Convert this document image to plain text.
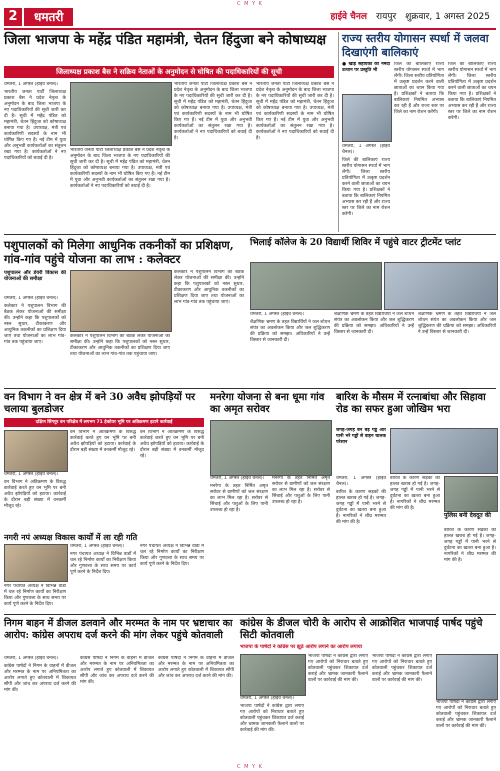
C M Y K
2	धमतरी	हाईवे चैनल रायपुर शुक्रवार, 1 अगस्त 2025
जिला भाजपा के महेंद्र पंडित महामंत्री, चेतन हिंदुजा बने कोषाध्यक्ष
जिलाध्यक्ष प्रकाश बैस ने सक्रिय नेताओं के अनुमोदन से घोषित की पदाधिकारियों की सूची

धमतरी, 1 अगस्त (हाईवे चैनल)।

भारतीय जनता पार्टी जिलाध्यक्ष प्रकाश बैस ने प्रदेश नेतृत्व के अनुमोदन के बाद जिला भाजपा के नए पदाधिकारियों की सूची जारी कर दी है। सूची में महेंद्र पंडित को महामंत्री, चेतन हिंदुजा को कोषाध्यक्ष बनाया गया है। उपाध्यक्ष, मंत्री एवं कार्यकारिणी सदस्यों के नाम भी घोषित किए गए हैं। नई टीम में युवा और अनुभवी कार्यकर्ताओं का संतुलन रखा गया है। कार्यकर्ताओं ने नए पदाधिकारियों को बधाई दी है।

भारतीय जनता पार्टी जिलाध्यक्ष प्रकाश बैस ने प्रदेश नेतृत्व के अनुमोदन के बाद जिला भाजपा के नए पदाधिकारियों की सूची जारी कर दी है। सूची में महेंद्र पंडित को महामंत्री, चेतन हिंदुजा को कोषाध्यक्ष बनाया गया है। उपाध्यक्ष, मंत्री एवं कार्यकारिणी सदस्यों के नाम भी घोषित किए गए हैं। नई टीम में युवा और अनुभवी कार्यकर्ताओं का संतुलन रखा गया है। कार्यकर्ताओं ने नए पदाधिकारियों को बधाई दी है।

भारतीय जनता पार्टी जिलाध्यक्ष प्रकाश बैस ने प्रदेश नेतृत्व के अनुमोदन के बाद जिला भाजपा के नए पदाधिकारियों की सूची जारी कर दी है। सूची में महेंद्र पंडित को महामंत्री, चेतन हिंदुजा को कोषाध्यक्ष बनाया गया है। उपाध्यक्ष, मंत्री एवं कार्यकारिणी सदस्यों के नाम भी घोषित किए गए हैं। नई टीम में युवा और अनुभवी कार्यकर्ताओं का संतुलन रखा गया है। कार्यकर्ताओं ने नए पदाधिकारियों को बधाई दी है।

भारतीय जनता पार्टी जिलाध्यक्ष प्रकाश बैस ने प्रदेश नेतृत्व के अनुमोदन के बाद जिला भाजपा के नए पदाधिकारियों की सूची जारी कर दी है। सूची में महेंद्र पंडित को महामंत्री, चेतन हिंदुजा को कोषाध्यक्ष बनाया गया है। उपाध्यक्ष, मंत्री एवं कार्यकारिणी सदस्यों के नाम भी घोषित किए गए हैं। नई टीम में युवा और अनुभवी कार्यकर्ताओं का संतुलन रखा गया है। कार्यकर्ताओं ने नए पदाधिकारियों को बधाई दी है।

राज्य स्तरीय योगासन स्पर्धा में जलवा दिखाएंगी बालिकाएं
● खाड़ सहायकों को नर्मदा उत्थान पर प्रस्तुति भी

धमतरी, 1 अगस्त (हाईवे चैनल)।

जिले की बालिकाएं राज्य स्तरीय योगासन स्पर्धा में भाग लेंगी। जिला स्तरीय प्रतियोगिता में उत्कृष्ट प्रदर्शन करने वाली छात्राओं का चयन किया गया है। प्रशिक्षकों ने बताया कि बालिकाएं नियमित अभ्यास कर रही हैं और राज्य स्तर पर जिले का नाम रोशन करेंगी।

जिले की बालिकाएं राज्य स्तरीय योगासन स्पर्धा में भाग लेंगी। जिला स्तरीय प्रतियोगिता में उत्कृष्ट प्रदर्शन करने वाली छात्राओं का चयन किया गया है। प्रशिक्षकों ने बताया कि बालिकाएं नियमित अभ्यास कर रही हैं और राज्य स्तर पर जिले का नाम रोशन करेंगी।

जिले की बालिकाएं राज्य स्तरीय योगासन स्पर्धा में भाग लेंगी। जिला स्तरीय प्रतियोगिता में उत्कृष्ट प्रदर्शन करने वाली छात्राओं का चयन किया गया है। प्रशिक्षकों ने बताया कि बालिकाएं नियमित अभ्यास कर रही हैं और राज्य स्तर पर जिले का नाम रोशन करेंगी।

पशुपालकों को मिलेगा आधुनिक तकनीकों का प्रशिक्षण, गांव-गांव पहुंचे योजना का लाभ : कलेक्टर
पशुपालन और डेयरी विकास की योजनाओं की समीक्षा

धमतरी, 1 अगस्त (हाईवे चैनल)।

कलेक्टर ने पशुपालन विभाग की बैठक लेकर योजनाओं की समीक्षा की। उन्होंने कहा कि पशुपालकों को नस्ल सुधार, टीकाकरण और आधुनिक तकनीकों का प्रशिक्षण दिया जाए तथा योजनाओं का लाभ गांव-गांव तक पहुंचाया जाए।

कलेक्टर ने पशुपालन विभाग की बैठक लेकर योजनाओं की समीक्षा की। उन्होंने कहा कि पशुपालकों को नस्ल सुधार, टीकाकरण और आधुनिक तकनीकों का प्रशिक्षण दिया जाए तथा योजनाओं का लाभ गांव-गांव तक पहुंचाया जाए।

कलेक्टर ने पशुपालन विभाग की बैठक लेकर योजनाओं की समीक्षा की। उन्होंने कहा कि पशुपालकों को नस्ल सुधार, टीकाकरण और आधुनिक तकनीकों का प्रशिक्षण दिया जाए तथा योजनाओं का लाभ गांव-गांव तक पहुंचाया जाए।

भिलाई कॉलेज के 20 विद्यार्थी शिविर में पहुंचे वाटर ट्रीटमेंट प्लांट

धमतरी, 1 अगस्त (हाईवे चैनल)।

शैक्षणिक भ्रमण के तहत विद्यार्थियों ने जल शोधन संयंत्र का अवलोकन किया और जल शुद्धिकरण की प्रक्रिया को समझा। अधिकारियों ने उन्हें विस्तार से जानकारी दी।

शैक्षणिक भ्रमण के तहत विद्यार्थियों ने जल शोधन संयंत्र का अवलोकन किया और जल शुद्धिकरण की प्रक्रिया को समझा। अधिकारियों ने उन्हें विस्तार से जानकारी दी।

शैक्षणिक भ्रमण के तहत विद्यार्थियों ने जल शोधन संयंत्र का अवलोकन किया और जल शुद्धिकरण की प्रक्रिया को समझा। अधिकारियों ने उन्हें विस्तार से जानकारी दी।

वन विभाग ने वन क्षेत्र में बने 30 अवैध झोपड़ियों पर चलाया बुलडोजर
दक्षिण सिंगपुर वन परिक्षेत्र में लगभग 71 हेक्टेयर भूमि पर अतिक्रमण हटाने कार्रवाई

धमतरी, 1 अगस्त (हाईवे चैनल)।

वन विभाग ने अतिक्रमण के विरुद्ध कार्रवाई करते हुए वन भूमि पर बनी अवैध झोपड़ियों को हटाया। कार्रवाई के दौरान बड़ी संख्या में वनकर्मी मौजूद रहे।

वन विभाग ने अतिक्रमण के विरुद्ध कार्रवाई करते हुए वन भूमि पर बनी अवैध झोपड़ियों को हटाया। कार्रवाई के दौरान बड़ी संख्या में वनकर्मी मौजूद रहे।

वन विभाग ने अतिक्रमण के विरुद्ध कार्रवाई करते हुए वन भूमि पर बनी अवैध झोपड़ियों को हटाया। कार्रवाई के दौरान बड़ी संख्या में वनकर्मी मौजूद रहे।

मनरेगा योजना से बना धूमा गांव का अमृत सरोवर

धमतरी, 1 अगस्त (हाईवे चैनल)।

मनरेगा के तहत निर्मित अमृत सरोवर से ग्रामीणों को जल संरक्षण का लाभ मिल रहा है। सरोवर से सिंचाई और पशुओं के लिए पानी उपलब्ध हो रहा है।

मनरेगा के तहत निर्मित अमृत सरोवर से ग्रामीणों को जल संरक्षण का लाभ मिल रहा है। सरोवर से सिंचाई और पशुओं के लिए पानी उपलब्ध हो रहा है।

बारिश के मौसम में रत्नाबांधा और सिहावा रोड का सफर हुआ जोखिम भरा
जगह-जगह बने बड़े गड्ढे और पानी भरे गड्ढों से वाहन चालक परेशान

धमतरी, 1 अगस्त (हाईवे चैनल)।

बारिश के कारण सड़कों की हालत खराब हो गई है। जगह-जगह गड्ढों में पानी भरने से दुर्घटना का खतरा बना हुआ है। नागरिकों ने शीघ्र मरम्मत की मांग की है।

बारिश के कारण सड़कों की हालत खराब हो गई है। जगह-जगह गड्ढों में पानी भरने से दुर्घटना का खतरा बना हुआ है। नागरिकों ने शीघ्र मरम्मत की मांग की है।

पुलिस बनी देवदूत की

बारिश के कारण सड़कों की हालत खराब हो गई है। जगह-जगह गड्ढों में पानी भरने से दुर्घटना का खतरा बना हुआ है। नागरिकों ने शीघ्र मरम्मत की मांग की है।

नगरी नपं अध्यक्ष विकास कार्यों में ला रही गति

धमतरी, 1 अगस्त (हाईवे चैनल)।

नगर पंचायत अध्यक्ष ने विभिन्न वार्डों में चल रहे निर्माण कार्यों का निरीक्षण किया और गुणवत्ता के साथ समय पर कार्य पूर्ण करने के निर्देश दिए।

नगर पंचायत अध्यक्ष ने विभिन्न वार्डों में चल रहे निर्माण कार्यों का निरीक्षण किया और गुणवत्ता के साथ समय पर कार्य पूर्ण करने के निर्देश दिए।

नगर पंचायत अध्यक्ष ने विभिन्न वार्डों में चल रहे निर्माण कार्यों का निरीक्षण किया और गुणवत्ता के साथ समय पर कार्य पूर्ण करने के निर्देश दिए।

निगम बाहन में डीजल डलवाने और मरम्मत के नाम पर भ्रष्टाचार का आरोप: कांग्रेस अपराध दर्ज करने की मांग लेकर पहुंचे कोतवाली

धमतरी, 1 अगस्त (हाईवे चैनल)।

कांग्रेस पार्षदों ने निगम के वाहनों में डीजल और मरम्मत के नाम पर अनियमितता का आरोप लगाते हुए कोतवाली में शिकायत सौंपी और जांच कर अपराध दर्ज करने की मांग की।

कांग्रेस पार्षदों ने निगम के वाहनों में डीजल और मरम्मत के नाम पर अनियमितता का आरोप लगाते हुए कोतवाली में शिकायत सौंपी और जांच कर अपराध दर्ज करने की मांग की।

कांग्रेस पार्षदों ने निगम के वाहनों में डीजल और मरम्मत के नाम पर अनियमितता का आरोप लगाते हुए कोतवाली में शिकायत सौंपी और जांच कर अपराध दर्ज करने की मांग की।

कांग्रेस के डीजल चोरी के आरोप से आक्रोशित भाजपाई पार्षद पहुंचे सिटी कोतवाली
भाजपा के पार्षदों ने कांग्रेस पर झूठे आरोप लगाने का आरोप लगाया

धमतरी, 1 अगस्त (हाईवे चैनल)।

भाजपा पार्षदों ने कांग्रेस द्वारा लगाए गए आरोपों को निराधार बताते हुए कोतवाली पहुंचकर शिकायत दर्ज कराई और भ्रामक जानकारी फैलाने वालों पर कार्रवाई की मांग की।

भाजपा पार्षदों ने कांग्रेस द्वारा लगाए गए आरोपों को निराधार बताते हुए कोतवाली पहुंचकर शिकायत दर्ज कराई और भ्रामक जानकारी फैलाने वालों पर कार्रवाई की मांग की।

भाजपा पार्षदों ने कांग्रेस द्वारा लगाए गए आरोपों को निराधार बताते हुए कोतवाली पहुंचकर शिकायत दर्ज कराई और भ्रामक जानकारी फैलाने वालों पर कार्रवाई की मांग की।

भाजपा पार्षदों ने कांग्रेस द्वारा लगाए गए आरोपों को निराधार बताते हुए कोतवाली पहुंचकर शिकायत दर्ज कराई और भ्रामक जानकारी फैलाने वालों पर कार्रवाई की मांग की।

C M Y K
